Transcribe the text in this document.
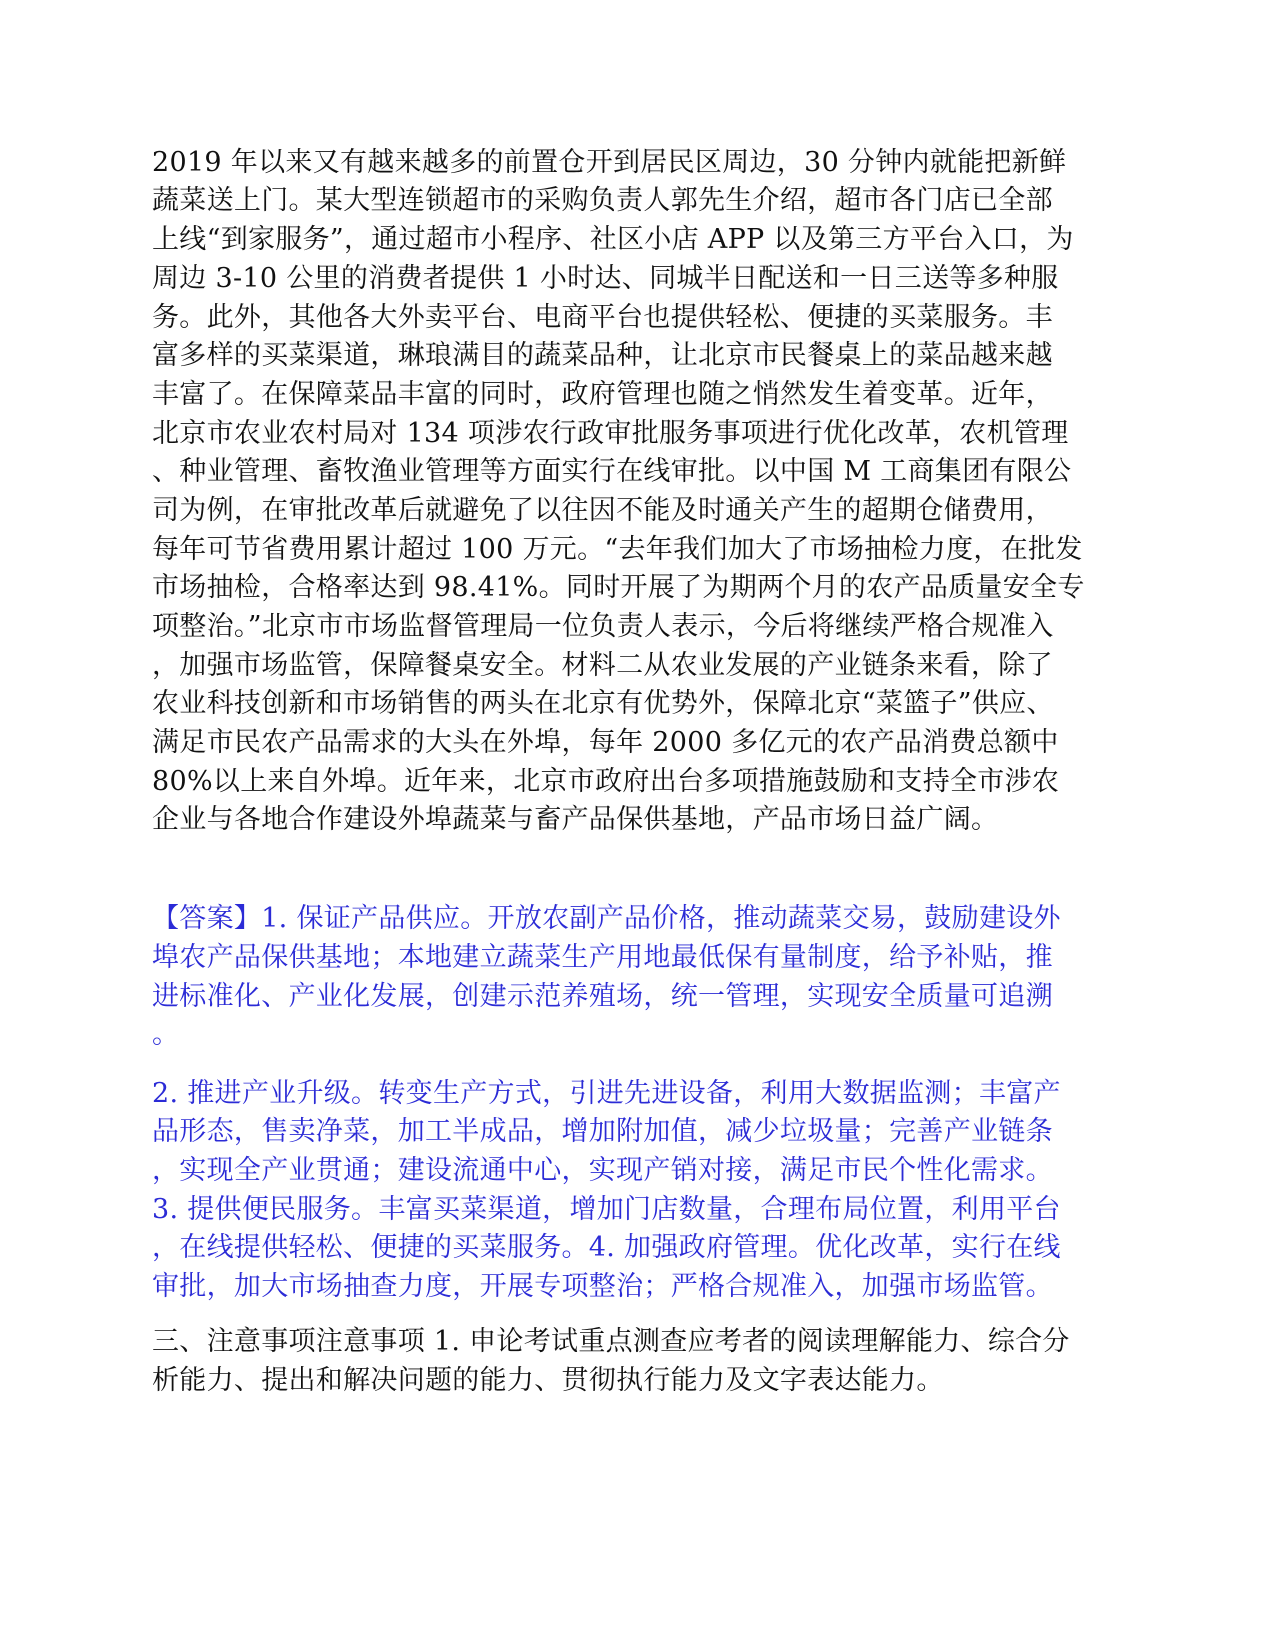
2019 年以来又有越来越多的前置仓开到居民区周边，30 分钟内就能把新鲜

蔬菜送上门。某大型连锁超市的采购负责人郭先生介绍，超市各门店已全部

上线“到家服务”，通过超市小程序、社区小店 APP 以及第三方平台入口，为

周边 3-10 公里的消费者提供 1 小时达、同城半日配送和一日三送等多种服

务。此外，其他各大外卖平台、电商平台也提供轻松、便捷的买菜服务。丰

富多样的买菜渠道，琳琅满目的蔬菜品种，让北京市民餐桌上的菜品越来越

丰富了。在保障菜品丰富的同时，政府管理也随之悄然发生着变革。近年，

北京市农业农村局对 134 项涉农行政审批服务事项进行优化改革，农机管理

、种业管理、畜牧渔业管理等方面实行在线审批。以中国 M 工商集团有限公

司为例，在审批改革后就避免了以往因不能及时通关产生的超期仓储费用，

每年可节省费用累计超过 100 万元。“去年我们加大了市场抽检力度，在批发

市场抽检，合格率达到 98.41%。同时开展了为期两个月的农产品质量安全专

项整治。”北京市市场监督管理局一位负责人表示，今后将继续严格合规准入

，加强市场监管，保障餐桌安全。材料二从农业发展的产业链条来看，除了

农业科技创新和市场销售的两头在北京有优势外，保障北京“菜篮子”供应、

满足市民农产品需求的大头在外埠，每年 2000 多亿元的农产品消费总额中

80%以上来自外埠。近年来，北京市政府出台多项措施鼓励和支持全市涉农

企业与各地合作建设外埠蔬菜与畜产品保供基地，产品市场日益广阔。

【答案】1. 保证产品供应。开放农副产品价格，推动蔬菜交易，鼓励建设外

埠农产品保供基地；本地建立蔬菜生产用地最低保有量制度，给予补贴，推

进标准化、产业化发展，创建示范养殖场，统一管理，实现安全质量可追溯

。

2. 推进产业升级。转变生产方式，引进先进设备，利用大数据监测；丰富产

品形态，售卖净菜，加工半成品，增加附加值，减少垃圾量；完善产业链条

，实现全产业贯通；建设流通中心，实现产销对接，满足市民个性化需求。

3. 提供便民服务。丰富买菜渠道，增加门店数量，合理布局位置，利用平台

，在线提供轻松、便捷的买菜服务。4. 加强政府管理。优化改革，实行在线

审批，加大市场抽查力度，开展专项整治；严格合规准入，加强市场监管。

三、注意事项注意事项 1. 申论考试重点测查应考者的阅读理解能力、综合分

析能力、提出和解决问题的能力、贯彻执行能力及文字表达能力。
